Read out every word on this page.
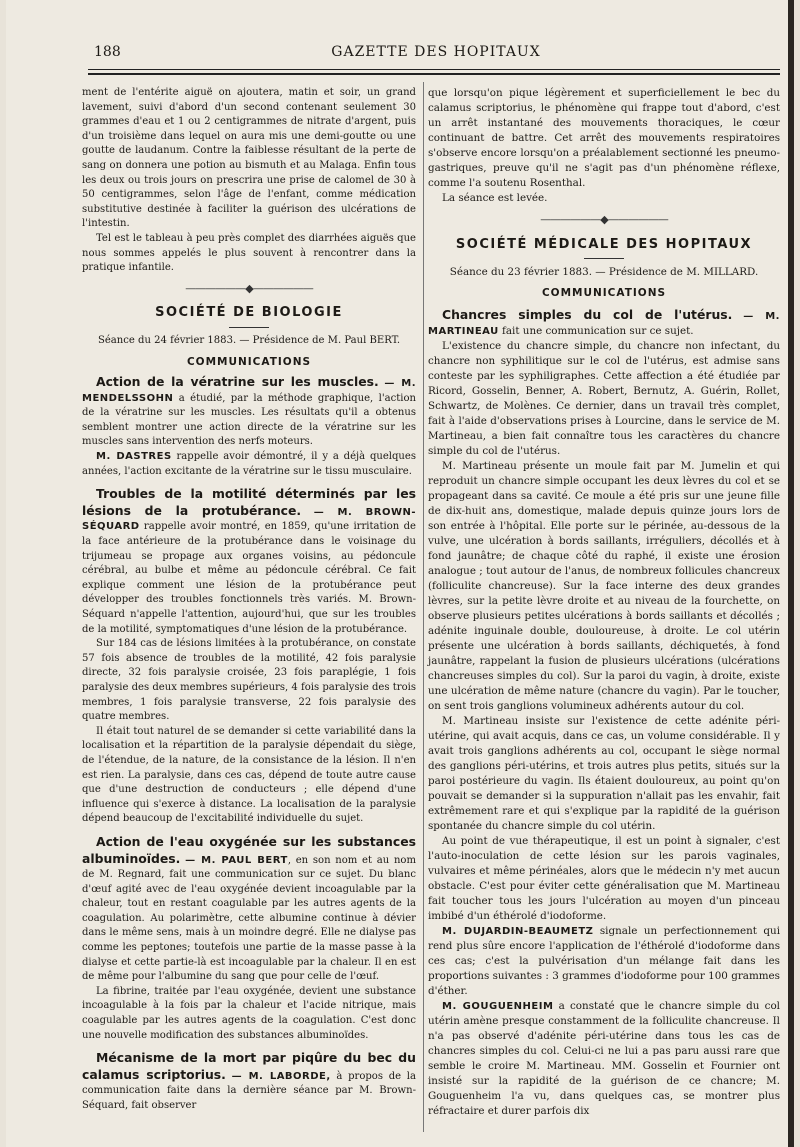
188	GAZETTE DES HOPITAUX

ment de l'entérite aiguë on ajoutera, matin et soir, un grand lavement, suivi d'abord d'un second contenant seulement 30 grammes d'eau et 1 ou 2 centigrammes de nitrate d'argent, puis d'un troisième dans lequel on aura mis une demi-goutte ou une goutte de laudanum. Contre la faiblesse résultant de la perte de sang on donnera une potion au bismuth et au Malaga. Enfin tous les deux ou trois jours on prescrira une prise de calomel de 30 à 50 centigrammes, selon l'âge de l'enfant, comme médication substitutive destinée à faciliter la guérison des ulcérations de l'intestin.

Tel est le tableau à peu près complet des diarrhées aiguës que nous sommes appelés le plus souvent à rencontrer dans la pratique infantile.

——————◆——————
SOCIÉTÉ DE BIOLOGIE
Séance du 24 février 1883. — Présidence de M. Paul BERT.
COMMUNICATIONS

Action de la vératrine sur les muscles. — M. MENDELSSOHN a étudié, par la méthode graphique, l'action de la vératrine sur les muscles. Les résultats qu'il a obtenus semblent montrer une action directe de la vératrine sur les muscles sans intervention des nerfs moteurs.

M. DASTRES rappelle avoir démontré, il y a déjà quelques années, l'action excitante de la vératrine sur le tissu musculaire.

Troubles de la motilité déterminés par les lésions de la protubérance. — M. BROWN-SÉQUARD rappelle avoir montré, en 1859, qu'une irritation de la face antérieure de la protubérance dans le voisinage du trijumeau se propage aux organes voisins, au pédoncule cérébral, au bulbe et même au pédoncule cérébral. Ce fait explique comment une lésion de la protubérance peut développer des troubles fonctionnels très variés. M. Brown-Séquard n'appelle l'attention, aujourd'hui, que sur les troubles de la motilité, symptomatiques d'une lésion de la protubérance.

Sur 184 cas de lésions limitées à la protubérance, on constate 57 fois absence de troubles de la motilité, 42 fois paralysie directe, 32 fois paralysie croisée, 23 fois paraplégie, 1 fois paralysie des deux membres supérieurs, 4 fois paralysie des trois membres, 1 fois paralysie transverse, 22 fois paralysie des quatre membres.

Il était tout naturel de se demander si cette variabilité dans la localisation et la répartition de la paralysie dépendait du siège, de l'étendue, de la nature, de la consistance de la lésion. Il n'en est rien. La paralysie, dans ces cas, dépend de toute autre cause que d'une destruction de conducteurs ; elle dépend d'une influence qui s'exerce à distance. La localisation de la paralysie dépend beaucoup de l'excitabilité individuelle du sujet.

Action de l'eau oxygénée sur les substances albuminoïdes. — M. PAUL BERT, en son nom et au nom de M. Regnard, fait une communication sur ce sujet. Du blanc d'œuf agité avec de l'eau oxygénée devient incoagulable par la chaleur, tout en restant coagulable par les autres agents de la coagulation. Au polarimètre, cette albumine continue à dévier dans le même sens, mais à un moindre degré. Elle ne dialyse pas comme les peptones; toutefois une partie de la masse passe à la dialyse et cette partie-là est incoagulable par la chaleur. Il en est de même pour l'albumine du sang que pour celle de l'œuf.

La fibrine, traitée par l'eau oxygénée, devient une substance incoagulable à la fois par la chaleur et l'acide nitrique, mais coagulable par les autres agents de la coagulation. C'est donc une nouvelle modification des substances albuminoïdes.

Mécanisme de la mort par piqûre du bec du calamus scriptorius. — M. LABORDE, à propos de la communication faite dans la dernière séance par M. Brown-Séquard, fait observer

que lorsqu'on pique légèrement et superficiellement le bec du calamus scriptorius, le phénomène qui frappe tout d'abord, c'est un arrêt instantané des mouvements thoraciques, le cœur continuant de battre. Cet arrêt des mouvements respiratoires s'observe encore lorsqu'on a préalablement sectionné les pneumo-gastriques, preuve qu'il ne s'agit pas d'un phénomène réflexe, comme l'a soutenu Rosenthal.

La séance est levée.

——————◆——————
SOCIÉTÉ MÉDICALE DES HOPITAUX
Séance du 23 février 1883. — Présidence de M. MILLARD.
COMMUNICATIONS

Chancres simples du col de l'utérus. — M. MARTINEAU fait une communication sur ce sujet.

L'existence du chancre simple, du chancre non infectant, du chancre non syphilitique sur le col de l'utérus, est admise sans conteste par les syphiligraphes. Cette affection a été étudiée par Ricord, Gosselin, Benner, A. Robert, Bernutz, A. Guérin, Rollet, Schwartz, de Molènes. Ce dernier, dans un travail très complet, fait à l'aide d'observations prises à Lourcine, dans le service de M. Martineau, a bien fait connaître tous les caractères du chancre simple du col de l'utérus.

M. Martineau présente un moule fait par M. Jumelin et qui reproduit un chancre simple occupant les deux lèvres du col et se propageant dans sa cavité. Ce moule a été pris sur une jeune fille de dix-huit ans, domestique, malade depuis quinze jours lors de son entrée à l'hôpital. Elle porte sur le périnée, au-dessous de la vulve, une ulcération à bords saillants, irréguliers, décollés et à fond jaunâtre; de chaque côté du raphé, il existe une érosion analogue ; tout autour de l'anus, de nombreux follicules chancreux (folliculite chancreuse). Sur la face interne des deux grandes lèvres, sur la petite lèvre droite et au niveau de la fourchette, on observe plusieurs petites ulcérations à bords saillants et décollés ; adénite inguinale double, douloureuse, à droite. Le col utérin présente une ulcération à bords saillants, déchiquetés, à fond jaunâtre, rappelant la fusion de plusieurs ulcérations (ulcérations chancreuses simples du col). Sur la paroi du vagin, à droite, existe une ulcération de même nature (chancre du vagin). Par le toucher, on sent trois ganglions volumineux adhérents autour du col.

M. Martineau insiste sur l'existence de cette adénite péri-utérine, qui avait acquis, dans ce cas, un volume considérable. Il y avait trois ganglions adhérents au col, occupant le siège normal des ganglions péri-utérins, et trois autres plus petits, situés sur la paroi postérieure du vagin. Ils étaient douloureux, au point qu'on pouvait se demander si la suppuration n'allait pas les envahir, fait extrêmement rare et qui s'explique par la rapidité de la guérison spontanée du chancre simple du col utérin.

Au point de vue thérapeutique, il est un point à signaler, c'est l'auto-inoculation de cette lésion sur les parois vaginales, vulvaires et même périnéales, alors que le médecin n'y met aucun obstacle. C'est pour éviter cette généralisation que M. Martineau fait toucher tous les jours l'ulcération au moyen d'un pinceau imbibé d'un éthérolé d'iodoforme.

M. DUJARDIN-BEAUMETZ signale un perfectionnement qui rend plus sûre encore l'application de l'éthérolé d'iodoforme dans ces cas; c'est la pulvérisation d'un mélange fait dans les proportions suivantes : 3 grammes d'iodoforme pour 100 grammes d'éther.

M. GOUGUENHEIM a constaté que le chancre simple du col utérin amène presque constamment de la folliculite chancreuse. Il n'a pas observé d'adénite péri-utérine dans tous les cas de chancres simples du col. Celui-ci ne lui a pas paru aussi rare que semble le croire M. Martineau. MM. Gosselin et Fournier ont insisté sur la rapidité de la guérison de ce chancre; M. Gouguenheim l'a vu, dans quelques cas, se montrer plus réfractaire et durer parfois dix
